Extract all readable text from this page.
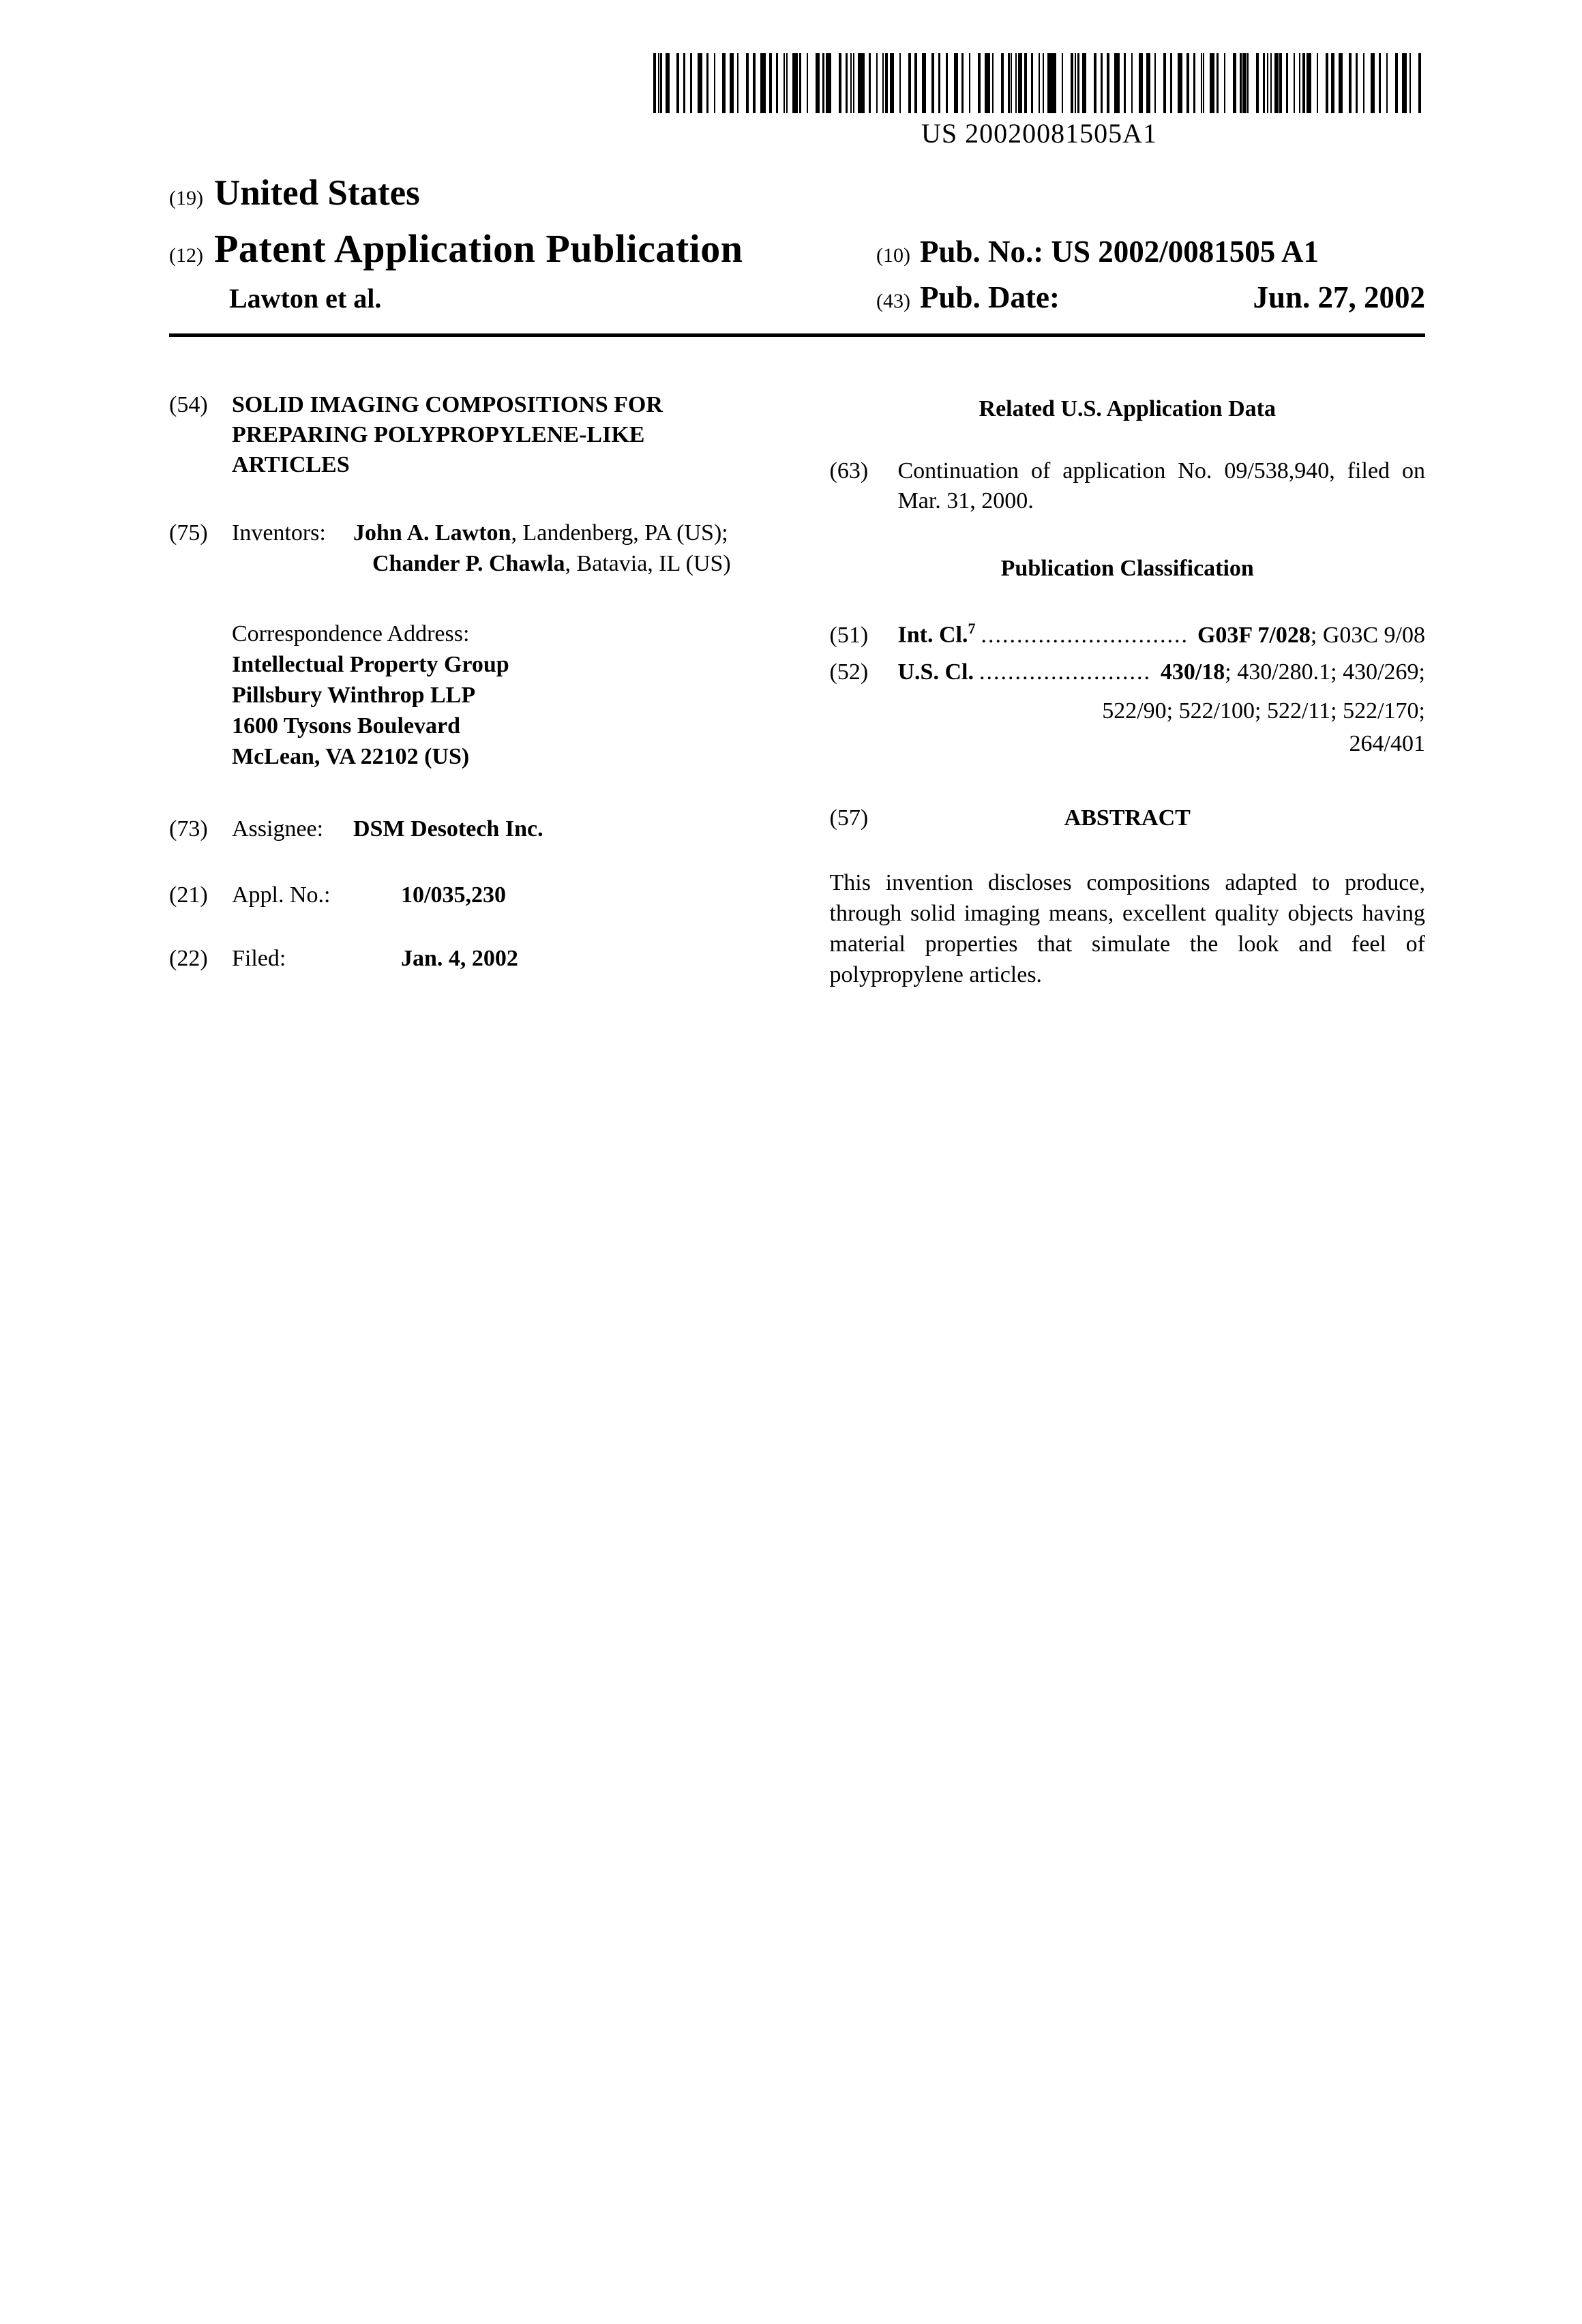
US 20020081505A1
(19) United States
(12) Patent Application Publication	(10) Pub. No.: US 2002/0081505 A1
Lawton et al.	(43) Pub. Date:	Jun. 27, 2002
(54)	SOLID IMAGING COMPOSITIONS FOR PREPARING POLYPROPYLENE-LIKE ARTICLES
(75)	Inventors:	John A. Lawton, Landenberg, PA (US);
Chander P. Chawla, Batavia, IL (US)
Correspondence Address:
Intellectual Property Group
Pillsbury Winthrop LLP
1600 Tysons Boulevard
McLean, VA 22102 (US)
(73)	Assignee:	DSM Desotech Inc.
(21)	Appl. No.:	10/035,230
(22)	Filed:	Jan. 4, 2002
Related U.S. Application Data
(63)	Continuation of application No. 09/538,940, filed on Mar. 31, 2000.
Publication Classification
(51)	Int. Cl.$^7$ ............................. G03F 7/028; G03C 9/08
(52)	U.S. Cl. ........................ 430/18; 430/280.1; 430/269;
522/90; 522/100; 522/11; 522/170;
264/401
(57)	ABSTRACT
This invention discloses compositions adapted to produce, through solid imaging means, excellent quality objects having material properties that simulate the look and feel of polypropylene articles.
